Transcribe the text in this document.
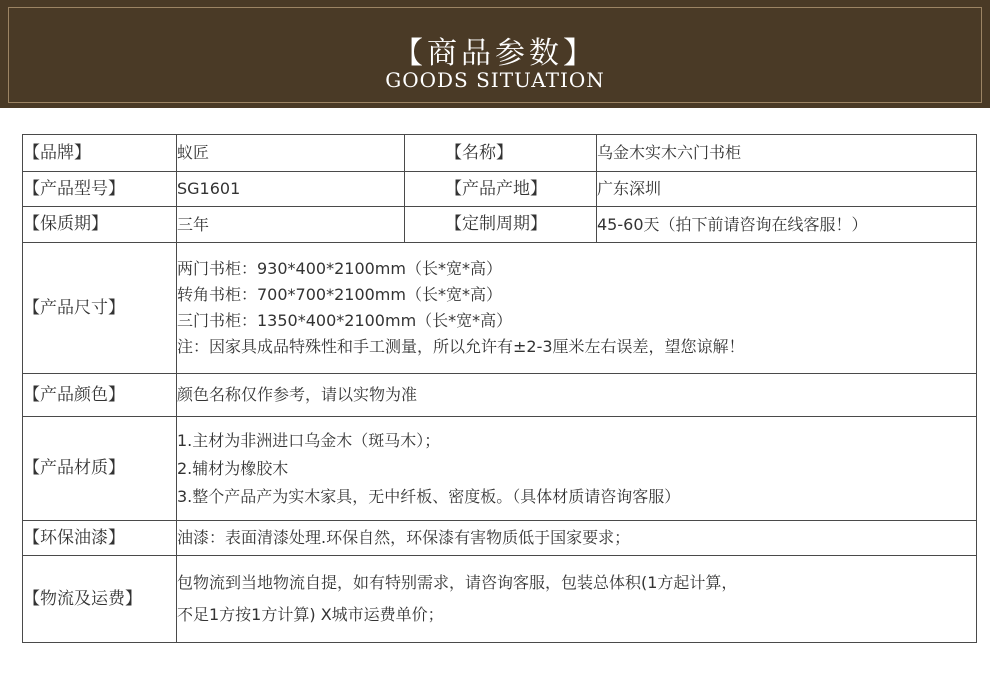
【商品参数】
GOODS SITUATION
【品牌】	蚁匠	【名称】	乌金木实木六门书柜
【产品型号】	SG1601	【产品产地】	广东深圳
【保质期】	三年	【定制周期】	45-60天（拍下前请咨询在线客服！）
【产品尺寸】	两门书柜：930*400*2100mm（长*宽*高）
转角书柜：700*700*2100mm（长*宽*高）
三门书柜：1350*400*2100mm（长*宽*高）
注：因家具成品特殊性和手工测量，所以允许有±2-3厘米左右误差，望您谅解！		

【产品颜色】	颜色名称仅作参考，请以实物为准		
【产品材质】	1.主材为非洲进口乌金木（斑马木）；
2.辅材为橡胶木
3.整个产品产为实木家具，无中纤板、密度板。（具体材质请咨询客服）		

【环保油漆】	油漆：表面清漆处理.环保自然，环保漆有害物质低于国家要求；		
【物流及运费】	包物流到当地物流自提，如有特别需求，请咨询客服，包装总体积(1方起计算，
不足1方按1方计算) X城市运费单价；		
